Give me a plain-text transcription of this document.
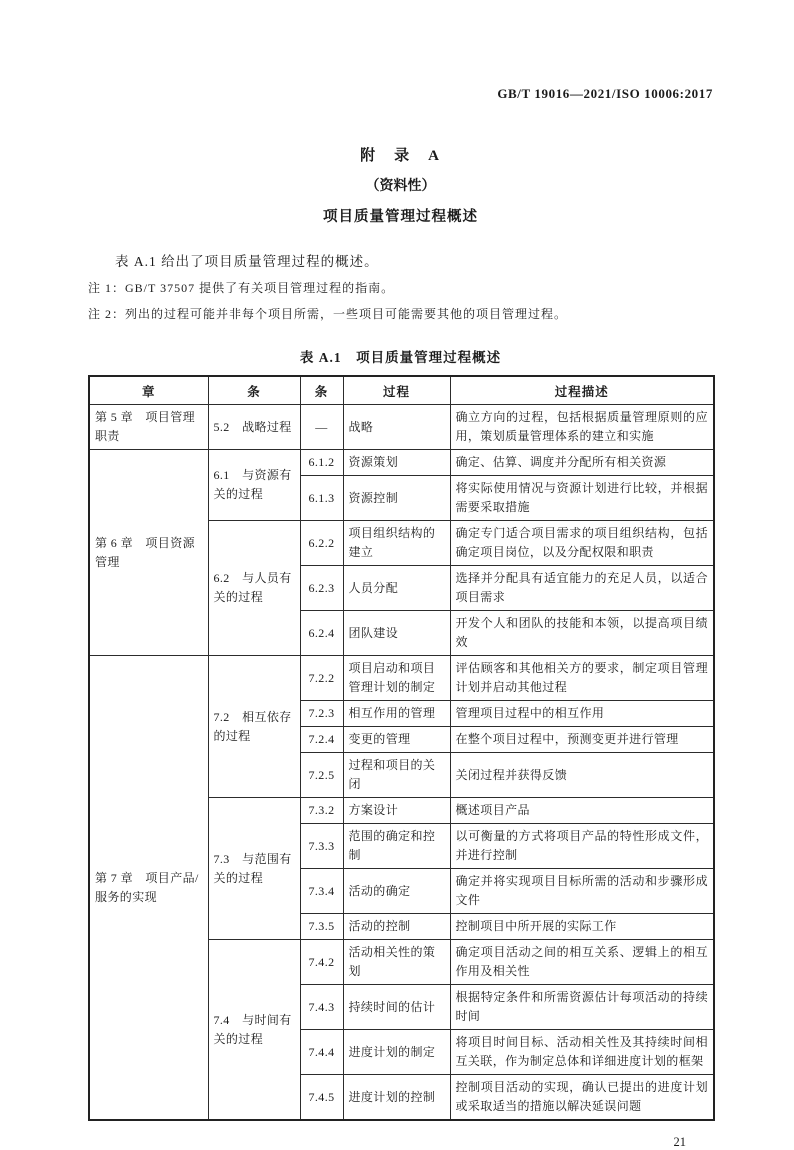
GB/T 19016—2021/ISO 10006:2017
附　录　A
（资料性）
项目质量管理过程概述

表 A.1 给出了项目质量管理过程的概述。

注 1：GB/T 37507 提供了有关项目管理过程的指南。

注 2：列出的过程可能并非每个项目所需，一些项目可能需要其他的项目管理过程。

表 A.1　项目质量管理过程概述
章	条	条	过程	过程描述
第 5 章　项目管理职责	5.2　战略过程	—	战略	确立方向的过程，包括根据质量管理原则的应用，策划质量管理体系的建立和实施
第 6 章　项目资源管理	6.1　与资源有关的过程	6.1.2	资源策划	确定、估算、调度并分配所有相关资源
		6.1.3	资源控制	将实际使用情况与资源计划进行比较，并根据需要采取措施
	6.2　与人员有关的过程	6.2.2	项目组织结构的建立	确定专门适合项目需求的项目组织结构，包括确定项目岗位，以及分配权限和职责
		6.2.3	人员分配	选择并分配具有适宜能力的充足人员，以适合项目需求
		6.2.4	团队建设	开发个人和团队的技能和本领，以提高项目绩效
第 7 章　项目产品/服务的实现	7.2　相互依存的过程	7.2.2	项目启动和项目管理计划的制定	评估顾客和其他相关方的要求，制定项目管理计划并启动其他过程
		7.2.3	相互作用的管理	管理项目过程中的相互作用
		7.2.4	变更的管理	在整个项目过程中，预测变更并进行管理
		7.2.5	过程和项目的关闭	关闭过程并获得反馈
	7.3　与范围有关的过程	7.3.2	方案设计	概述项目产品
		7.3.3	范围的确定和控制	以可衡量的方式将项目产品的特性形成文件，并进行控制
		7.3.4	活动的确定	确定并将实现项目目标所需的活动和步骤形成文件
		7.3.5	活动的控制	控制项目中所开展的实际工作
	7.4　与时间有关的过程	7.4.2	活动相关性的策划	确定项目活动之间的相互关系、逻辑上的相互作用及相关性
		7.4.3	持续时间的估计	根据特定条件和所需资源估计每项活动的持续时间
		7.4.4	进度计划的制定	将项目时间目标、活动相关性及其持续时间相互关联，作为制定总体和详细进度计划的框架
		7.4.5	进度计划的控制	控制项目活动的实现，确认已提出的进度计划或采取适当的措施以解决延误问题
21
